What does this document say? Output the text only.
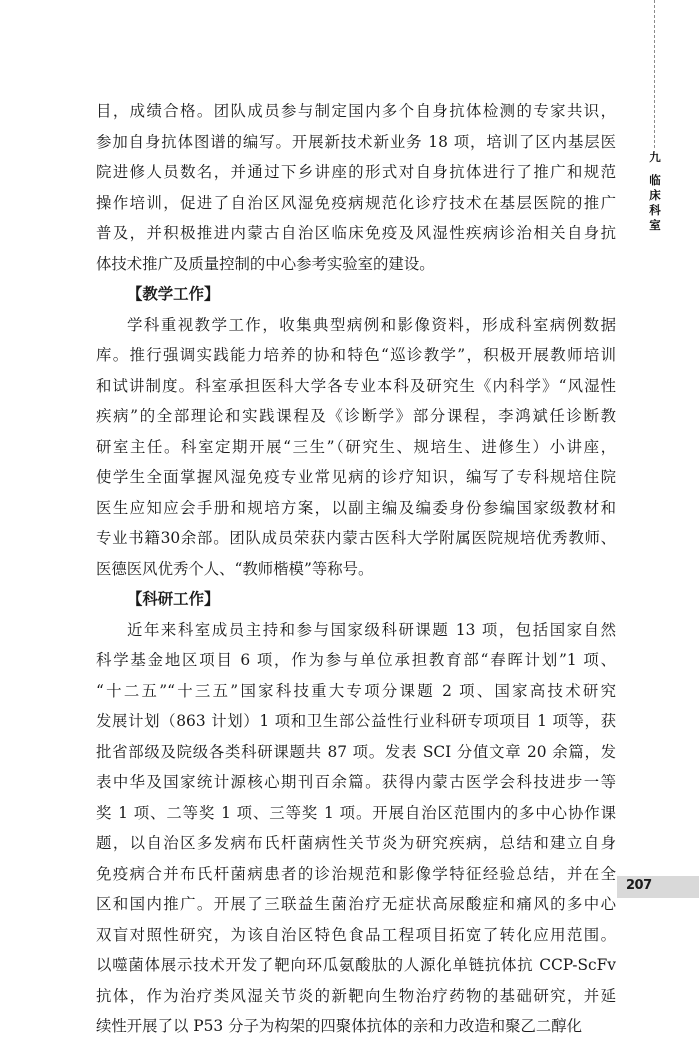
九
临
床
科
室
目，成绩合格。团队成员参与制定国内多个自身抗体检测的专家共识，
参加自身抗体图谱的编写。开展新技术新业务 18 项，培训了区内基层医
院进修人员数名，并通过下乡讲座的形式对自身抗体进行了推广和规范
操作培训，促进了自治区风湿免疫病规范化诊疗技术在基层医院的推广
普及，并积极推进内蒙古自治区临床免疫及风湿性疾病诊治相关自身抗
体技术推广及质量控制的中心参考实验室的建设。
【教学工作】
学科重视教学工作，收集典型病例和影像资料，形成科室病例数据
库。推行强调实践能力培养的协和特色“巡诊教学”，积极开展教师培训
和试讲制度。科室承担医科大学各专业本科及研究生《内科学》“风湿性
疾病”的全部理论和实践课程及《诊断学》部分课程，李鸿斌任诊断教
研室主任。科室定期开展“三生”（研究生、规培生、进修生）小讲座，
使学生全面掌握风湿免疫专业常见病的诊疗知识，编写了专科规培住院
医生应知应会手册和规培方案，以副主编及编委身份参编国家级教材和
专业书籍30余部。团队成员荣获内蒙古医科大学附属医院规培优秀教师、
医德医风优秀个人、“教师楷模”等称号。
【科研工作】
近年来科室成员主持和参与国家级科研课题 13 项，包括国家自然
科学基金地区项目 6 项，作为参与单位承担教育部“春晖计划”1 项、
“十二五”“十三五”国家科技重大专项分课题 2 项、国家高技术研究
发展计划（863 计划）1 项和卫生部公益性行业科研专项项目 1 项等，获
批省部级及院级各类科研课题共 87 项。发表 SCI 分值文章 20 余篇，发
表中华及国家统计源核心期刊百余篇。获得内蒙古医学会科技进步一等
奖 1 项、二等奖 1 项、三等奖 1 项。开展自治区范围内的多中心协作课
题，以自治区多发病布氏杆菌病性关节炎为研究疾病，总结和建立自身
免疫病合并布氏杆菌病患者的诊治规范和影像学特征经验总结，并在全
区和国内推广。开展了三联益生菌治疗无症状高尿酸症和痛风的多中心
双盲对照性研究，为该自治区特色食品工程项目拓宽了转化应用范围。
以噬菌体展示技术开发了靶向环瓜氨酸肽的人源化单链抗体抗 CCP-ScFv
抗体，作为治疗类风湿关节炎的新靶向生物治疗药物的基础研究，并延
续性开展了以 P53 分子为构架的四聚体抗体的亲和力改造和聚乙二醇化
207
